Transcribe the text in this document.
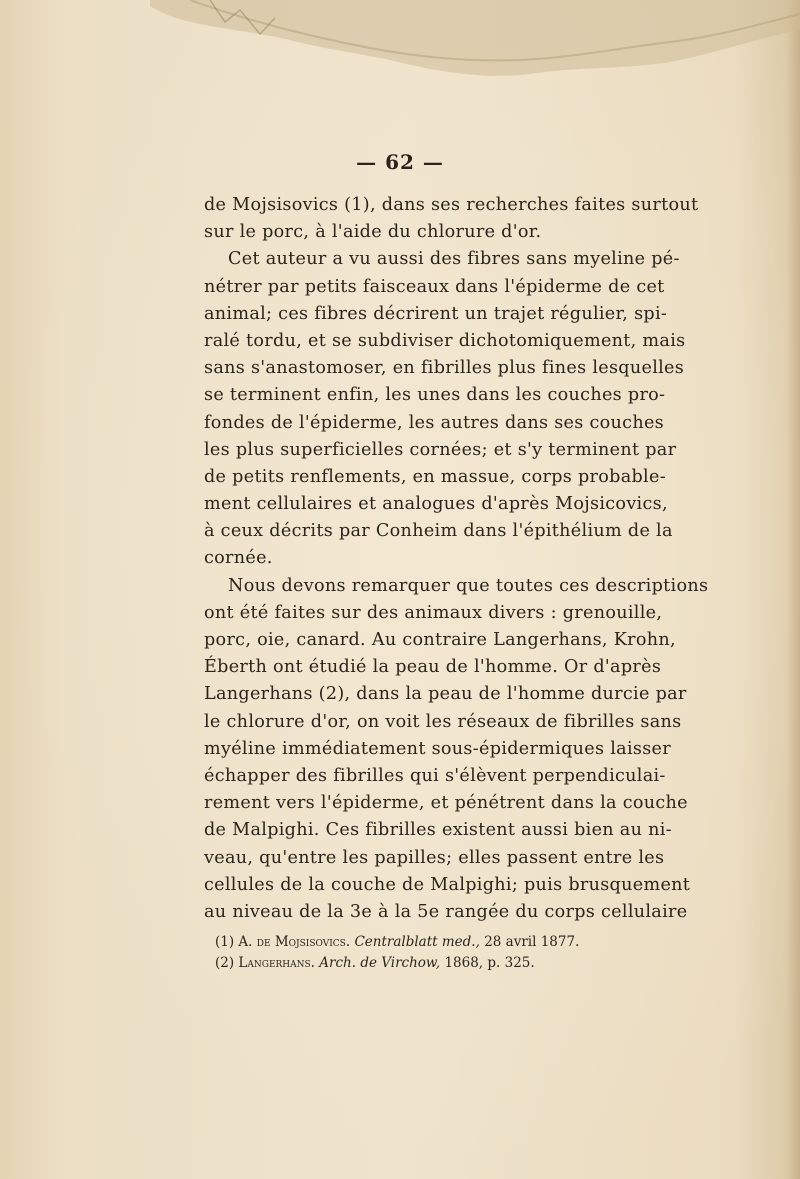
— 62 —
de Mojsisovics (1), dans ses recherches faites surtout
sur le porc, à l'aide du chlorure d'or.
Cet auteur a vu aussi des fibres sans myeline pé-
nétrer par petits faisceaux dans l'épiderme de cet
animal; ces fibres décrirent un trajet régulier, spi-
ralé tordu, et se subdiviser dichotomiquement, mais
sans s'anastomoser, en fibrilles plus fines lesquelles
se terminent enfin, les unes dans les couches pro-
fondes de l'épiderme, les autres dans ses couches
les plus superficielles cornées; et s'y terminent par
de petits renflements, en massue, corps probable-
ment cellulaires et analogues d'après Mojsicovics,
à ceux décrits par Conheim dans l'épithélium de la
cornée.
Nous devons remarquer que toutes ces descriptions
ont été faites sur des animaux divers : grenouille,
porc, oie, canard. Au contraire Langerhans, Krohn,
Éberth ont étudié la peau de l'homme. Or d'après
Langerhans (2), dans la peau de l'homme durcie par
le chlorure d'or, on voit les réseaux de fibrilles sans
myéline immédiatement sous-épidermiques laisser
échapper des fibrilles qui s'élèvent perpendiculai-
rement vers l'épiderme, et pénétrent dans la couche
de Malpighi. Ces fibrilles existent aussi bien au ni-
veau, qu'entre les papilles; elles passent entre les
cellules de la couche de Malpighi; puis brusquement
au niveau de la 3e à la 5e rangée du corps cellulaire
(1) A. de Mojsisovics. Centralblatt med., 28 avril 1877.
(2) Langerhans. Arch. de Virchow, 1868, p. 325.
